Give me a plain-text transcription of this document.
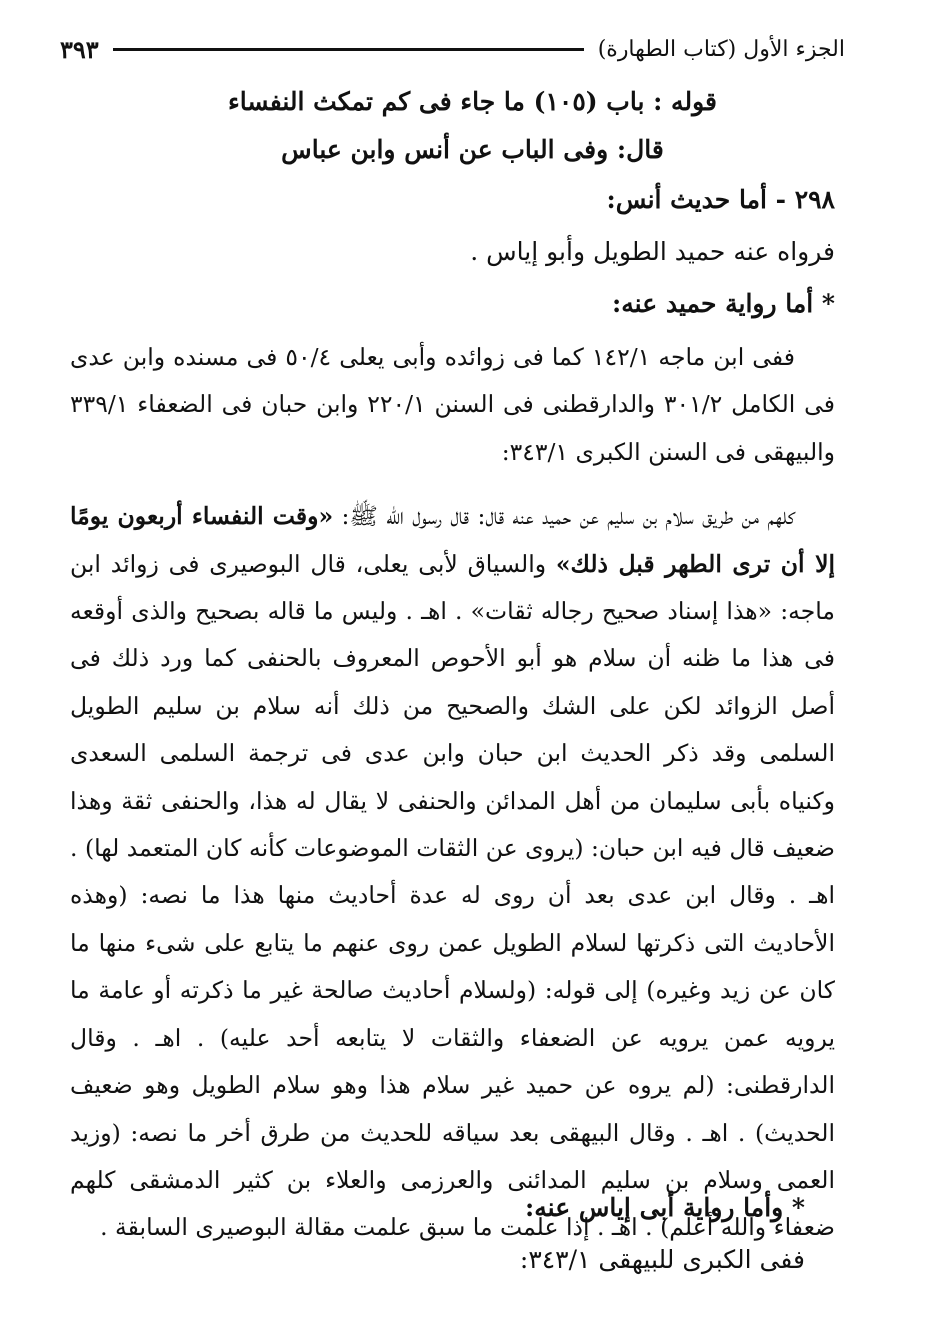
٣٩٣	الجزء الأول (كتاب الطهارة)
قوله : باب (١٠٥) ما جاء فى كم تمكث النفساء
قال: وفى الباب عن أنس وابن عباس
٢٩٨ - أما حديث أنس:
فرواه عنه حميد الطويل وأبو إياس .
* أما رواية حميد عنه:

ففى ابن ماجه ١٤٢/١ كما فى زوائده وأبى يعلى ٥٠/٤ فى مسنده وابن عدى فى الكامل ٣٠١/٢ والدارقطنى فى السنن ٢٢٠/١ وابن حبان فى الضعفاء ٣٣٩/١ والبيهقى فى السنن الكبرى ٣٤٣/١:

كلهم من طريق سلام بن سليم عن حميد عنه قال: قال رسول الله ﷺ: «وقت النفساء أربعون يومًا إلا أن ترى الطهر قبل ذلك» والسياق لأبى يعلى، قال البوصيرى فى زوائد ابن ماجه: «هذا إسناد صحيح رجاله ثقات» . اهـ . وليس ما قاله بصحيح والذى أوقعه فى هذا ما ظنه أن سلام هو أبو الأحوص المعروف بالحنفى كما ورد ذلك فى أصل الزوائد لكن على الشك والصحيح من ذلك أنه سلام بن سليم الطويل السلمى وقد ذكر الحديث ابن حبان وابن عدى فى ترجمة السلمى السعدى وكنياه بأبى سليمان من أهل المدائن والحنفى لا يقال له هذا، والحنفى ثقة وهذا ضعيف قال فيه ابن حبان: (يروى عن الثقات الموضوعات كأنه كان المتعمد لها) . اهـ . وقال ابن عدى بعد أن روى له عدة أحاديث منها هذا ما نصه: (وهذه الأحاديث التى ذكرتها لسلام الطويل عمن روى عنهم ما يتابع على شىء منها ما كان عن زيد وغيره) إلى قوله: (ولسلام أحاديث صالحة غير ما ذكرته أو عامة ما يرويه عمن يرويه عن الضعفاء والثقات لا يتابعه أحد عليه) . اهـ . وقال الدارقطنى: (لم يروه عن حميد غير سلام هذا وهو سلام الطويل وهو ضعيف الحديث) . اهـ . وقال البيهقى بعد سياقه للحديث من طرق أخر ما نصه: (وزيد العمى وسلام بن سليم المدائنى والعرزمى والعلاء بن كثير الدمشقى كلهم ضعفاء والله أعلم) . اهـ . إذا علمت ما سبق علمت مقالة البوصيرى السابقة .

* وأما رواية أبى إياس عنه:
ففى الكبرى للبيهقى ٣٤٣/١:
